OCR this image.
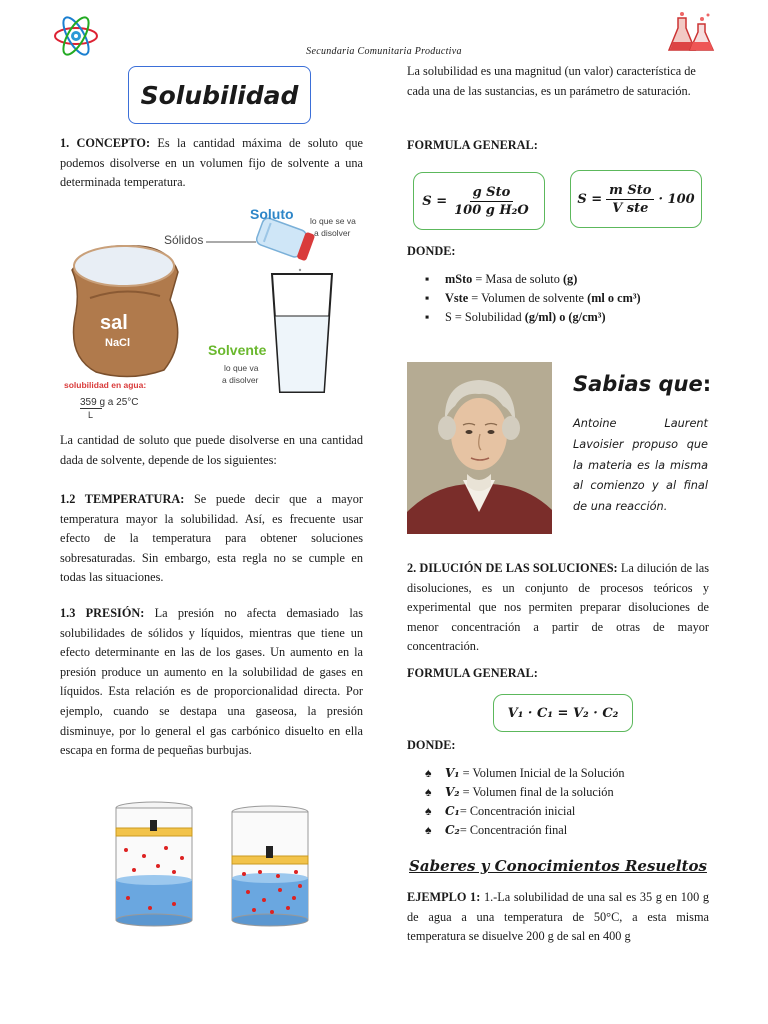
Secundaria Comunitaria Productiva
Solubilidad

1. CONCEPTO: Es la cantidad máxima de soluto que podemos disolverse en un volumen fijo de solvente a una determinada temperatura.

Soluto
Sólidos
lo que se va
a disolver
sal
NaCl	Solvente
lo que va
a disolver
solubilidad en agua:
359 g a 25°C
L

La cantidad de soluto que puede disolverse en una cantidad dada de solvente, depende de los siguientes:

1.2 TEMPERATURA: Se puede decir que a mayor temperatura mayor la solubilidad. Así, es frecuente usar efecto de la temperatura para obtener soluciones sobresaturadas. Sin embargo, esta regla no se cumple en todas las situaciones.

1.3 PRESIÓN: La presión no afecta demasiado las solubilidades de sólidos y líquidos, mientras que tiene un efecto determinante en las de los gases. Un aumento en la presión produce un aumento en la solubilidad de gases en líquidos. Esta relación es de proporcionalidad directa. Por ejemplo, cuando se destapa una gaseosa, la presión disminuye, por lo general el gas carbónico disuelto en ella escapa en forma de pequeñas burbujas.

La solubilidad es una magnitud (un valor) característica de cada una de las sustancias, es un parámetro de saturación.

FORMULA GENERAL:
$S = \frac{\text{g Sto}}{\text{100 g H₂O}}$	$S = \frac{\text{m Sto}}{\text{V ste}} \cdot 100$
DONDE:
▪ mSto = Masa de soluto (g)
▪ Vste = Volumen de solvente (ml o cm³)
▪ S = Solubilidad (g/ml) o (g/cm³)
Sabias que:

Antoine Laurent Lavoisier propuso que la materia es la misma al comienzo y al final de una reacción.

2. DILUCIÓN DE LAS SOLUCIONES: La dilución de las disoluciones, es un conjunto de procesos teóricos y experimental que nos permiten preparar disoluciones de menor concentración a partir de otras de mayor concentración.

FORMULA GENERAL:
V₁ · C₁ = V₂ · C₂
DONDE:
♠ V₁ = Volumen Inicial de la Solución
♠ V₂ = Volumen final de la solución
♠ C₁= Concentración inicial
♠ C₂= Concentración final
Saberes y Conocimientos Resueltos

EJEMPLO 1: 1.-La solubilidad de una sal es 35 g en 100 g de agua a una temperatura de 50°C, a esta misma temperatura se disuelve 200 g de sal en 400 g
